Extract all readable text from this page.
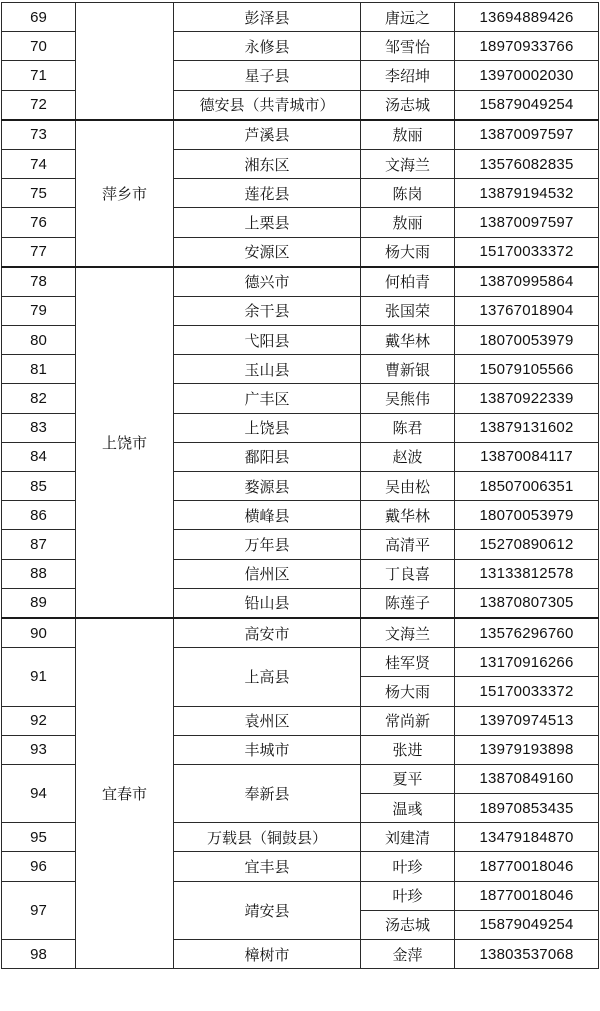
69		彭泽县	唐远之	13694889426
70		永修县	邹雪怡	18970933766
71		星子县	李绍坤	13970002030
72		德安县（共青城市）	汤志城	15879049254
73	萍乡市	芦溪县	敖丽	13870097597
74		湘东区	文海兰	13576082835
75		莲花县	陈岗	13879194532
76		上栗县	敖丽	13870097597
77		安源区	杨大雨	15170033372
78	上饶市	德兴市	何柏青	13870995864
79		余干县	张国荣	13767018904
80		弋阳县	戴华林	18070053979
81		玉山县	曹新银	15079105566
82		广丰区	吴熊伟	13870922339
83		上饶县	陈君	13879131602
84		鄱阳县	赵波	13870084117
85		婺源县	吴由松	18507006351
86		横峰县	戴华林	18070053979
87		万年县	高清平	15270890612
88		信州区	丁良喜	13133812578
89		铅山县	陈莲子	13870807305
90	宜春市	高安市	文海兰	13576296760
91		上高县	桂军贤	13170916266
			杨大雨	15170033372
92		袁州区	常尚新	13970974513
93		丰城市	张进	13979193898
94		奉新县	夏平	13870849160
			温彧	18970853435
95		万载县（铜鼓县）	刘建清	13479184870
96		宜丰县	叶珍	18770018046
97		靖安县	叶珍	18770018046
			汤志城	15879049254
98		樟树市	金萍	13803537068
